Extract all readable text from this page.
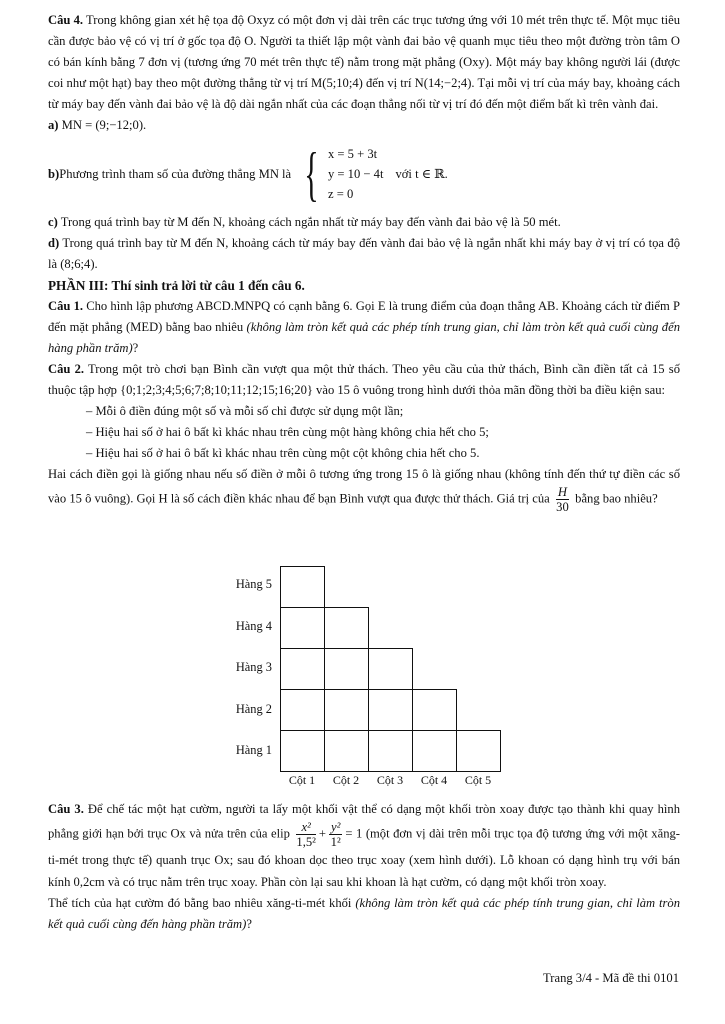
Câu 4. Trong không gian xét hệ tọa độ Oxyz có một đơn vị dài trên các trục tương ứng với 10 mét trên thực tế. Một mục tiêu cần được bảo vệ có vị trí ở gốc tọa độ O. Người ta thiết lập một vành đai bảo vệ quanh mục tiêu theo một đường tròn tâm O có bán kính bằng 7 đơn vị (tương ứng 70 mét trên thực tế) nằm trong mặt phẳng (Oxy). Một máy bay không người lái (được coi như một hạt) bay theo một đường thẳng từ vị trí M(5;10;4) đến vị trí N(14;−2;4). Tại mỗi vị trí của máy bay, khoảng cách từ máy bay đến vành đai bảo vệ là độ dài ngắn nhất của các đoạn thẳng nối từ vị trí đó đến một điểm bất kì trên vành đai.

a) MN = (9;−12;0).

b) Phương trình tham số của đường thẳng MN là { x = 5 + 3t
y = 10 − 4t
z = 0
với t ∈ ℝ.

c) Trong quá trình bay từ M đến N, khoảng cách ngắn nhất từ máy bay đến vành đai bảo vệ là 50 mét.

d) Trong quá trình bay từ M đến N, khoảng cách từ máy bay đến vành đai bảo vệ là ngắn nhất khi máy bay ở vị trí có tọa độ là (8;6;4).

PHẦN III: Thí sinh trả lời từ câu 1 đến câu 6.

Câu 1. Cho hình lập phương ABCD.MNPQ có cạnh bằng 6. Gọi E là trung điểm của đoạn thẳng AB. Khoảng cách từ điểm P đến mặt phẳng (MED) bằng bao nhiêu (không làm tròn kết quả các phép tính trung gian, chỉ làm tròn kết quả cuối cùng đến hàng phần trăm)?

Câu 2. Trong một trò chơi bạn Bình cần vượt qua một thử thách. Theo yêu cầu của thử thách, Bình cần điền tất cả 15 số thuộc tập hợp {0;1;2;3;4;5;6;7;8;10;11;12;15;16;20} vào 15 ô vuông trong hình dưới thỏa mãn đồng thời ba điều kiện sau:

– Mỗi ô điền đúng một số và mỗi số chỉ được sử dụng một lần;

– Hiệu hai số ở hai ô bất kì khác nhau trên cùng một hàng không chia hết cho 5;

– Hiệu hai số ở hai ô bất kì khác nhau trên cùng một cột không chia hết cho 5.

Hai cách điền gọi là giống nhau nếu số điền ở mỗi ô tương ứng trong 15 ô là giống nhau (không tính đến thứ tự điền các số vào 15 ô vuông). Gọi H là số cách điền khác nhau để bạn Bình vượt qua được thử thách. Giá trị của $\frac{H}{30}$ bằng bao nhiêu?

Hàng 5
Hàng 4
Hàng 3
Hàng 2
Hàng 1
Cột 1	Cột 2	Cột 3	Cột 4	Cột 5

Câu 3. Để chế tác một hạt cườm, người ta lấy một khối vật thể có dạng một khối tròn xoay được tạo thành khi quay hình phẳng giới hạn bởi trục Ox và nửa trên của elip $\frac{\text{x²}}{\text{1,5²}} + \frac{\text{y²}}{\text{1²}} = 1$ (một đơn vị dài trên mỗi trục tọa độ tương ứng với một xăng-ti-mét trong thực tế) quanh trục Ox; sau đó khoan dọc theo trục xoay (xem hình dưới). Lỗ khoan có dạng hình trụ với bán kính 0,2cm và có trục nằm trên trục xoay. Phần còn lại sau khi khoan là hạt cườm, có dạng một khối tròn xoay.

Thể tích của hạt cườm đó bằng bao nhiêu xăng-ti-mét khối (không làm tròn kết quả các phép tính trung gian, chỉ làm tròn kết quả cuối cùng đến hàng phần trăm)?

Trang 3/4 - Mã đề thi 0101
